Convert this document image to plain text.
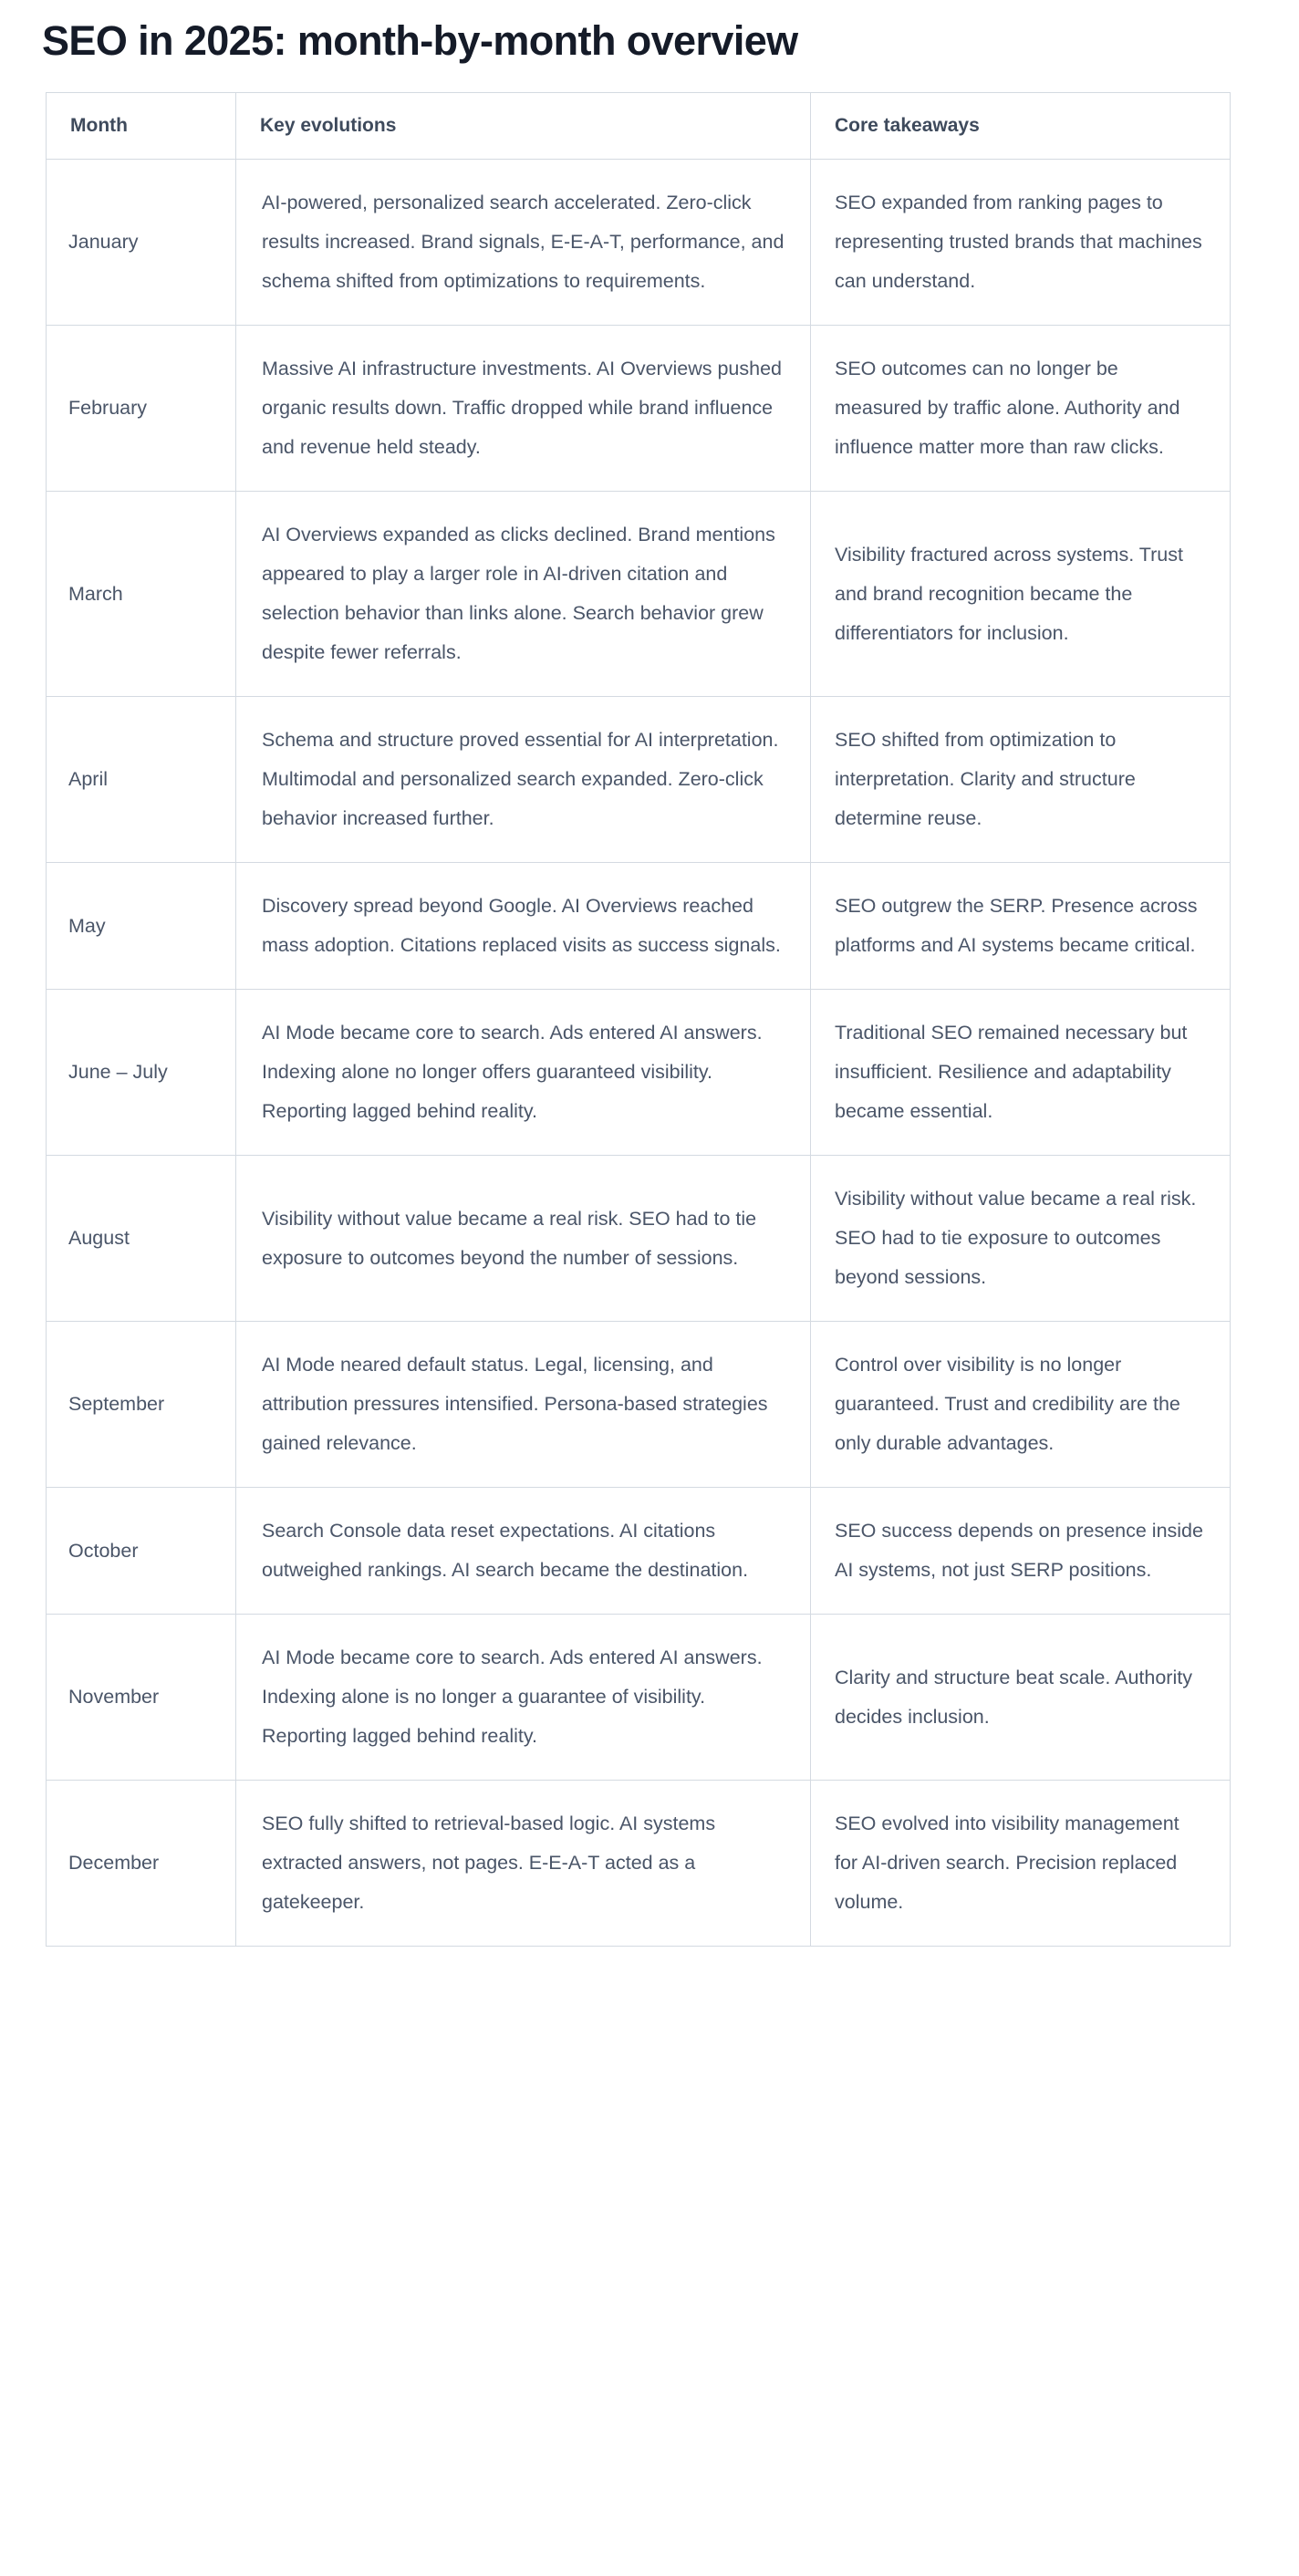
SEO in 2025: month-by-month overview
Month	Key evolutions	Core takeaways
January	AI-powered, personalized search accelerated. Zero-click results increased. Brand signals, E-E-A-T, performance, and schema shifted from optimizations to requirements.	SEO expanded from ranking pages to representing trusted brands that machines can understand.
February	Massive AI infrastructure investments. AI Overviews pushed organic results down. Traffic dropped while brand influence and revenue held steady.	SEO outcomes can no longer be measured by traffic alone. Authority and influence matter more than raw clicks.
March	AI Overviews expanded as clicks declined. Brand mentions appeared to play a larger role in AI-driven citation and selection behavior than links alone. Search behavior grew despite fewer referrals.	Visibility fractured across systems. Trust and brand recognition became the differentiators for inclusion.
April	Schema and structure proved essential for AI interpretation. Multimodal and personalized search expanded. Zero-click behavior increased further.	SEO shifted from optimization to interpretation. Clarity and structure determine reuse.
May	Discovery spread beyond Google. AI Overviews reached mass adoption. Citations replaced visits as success signals.	SEO outgrew the SERP. Presence across platforms and AI systems became critical.
June – July	AI Mode became core to search. Ads entered AI answers. Indexing alone no longer offers guaranteed visibility. Reporting lagged behind reality.	Traditional SEO remained necessary but insufficient. Resilience and adaptability became essential.
August	Visibility without value became a real risk. SEO had to tie exposure to outcomes beyond the number of sessions.	Visibility without value became a real risk. SEO had to tie exposure to outcomes beyond sessions.
September	AI Mode neared default status. Legal, licensing, and attribution pressures intensified. Persona-based strategies gained relevance.	Control over visibility is no longer guaranteed. Trust and credibility are the only durable advantages.
October	Search Console data reset expectations. AI citations outweighed rankings. AI search became the destination.	SEO success depends on presence inside AI systems, not just SERP positions.
November	AI Mode became core to search. Ads entered AI answers. Indexing alone is no longer a guarantee of visibility. Reporting lagged behind reality.	Clarity and structure beat scale. Authority decides inclusion.
December	SEO fully shifted to retrieval-based logic. AI systems extracted answers, not pages. E-E-A-T acted as a gatekeeper.	SEO evolved into visibility management for AI-driven search. Precision replaced volume.
